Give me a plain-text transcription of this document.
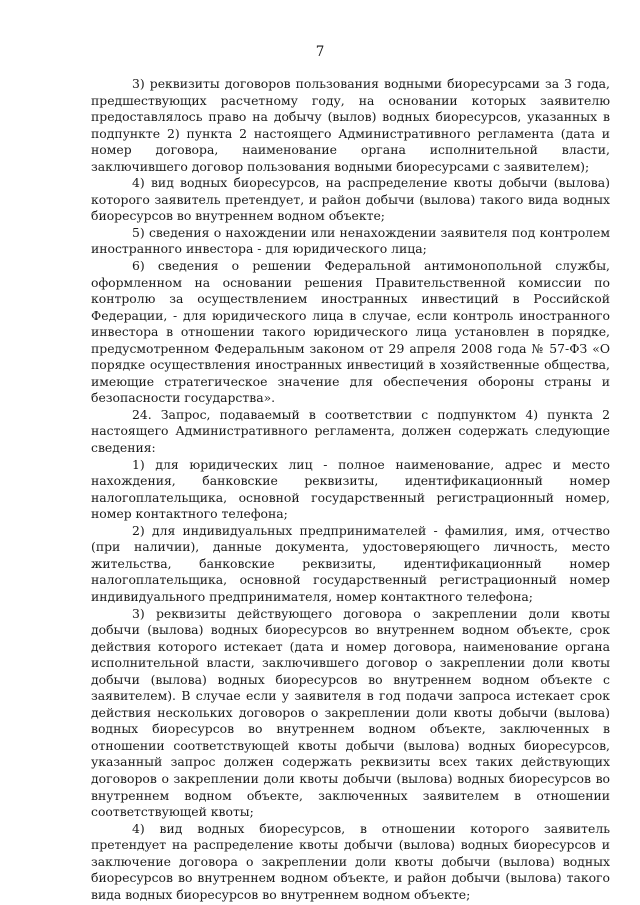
7

3) реквизиты договоров пользования водными биоресурсами за 3 года, предшествующих расчетному году, на основании которых заявителю предоставлялось право на добычу (вылов) водных биоресурсов, указанных в подпункте 2) пункта 2 настоящего Административного регламента (дата и номер договора, наименование органа исполнительной власти, заключившего договор пользования водными биоресурсами с заявителем);

4) вид водных биоресурсов, на распределение квоты добычи (вылова) которого заявитель претендует, и район добычи (вылова) такого вида водных биоресурсов во внутреннем водном объекте;

5) сведения о нахождении или ненахождении заявителя под контролем иностранного инвестора - для юридического лица;

6) сведения о решении Федеральной антимонопольной службы, оформленном на основании решения Правительственной комиссии по контролю за осуществлением иностранных инвестиций в Российской Федерации, - для юридического лица в случае, если контроль иностранного инвестора в отношении такого юридического лица установлен в порядке, предусмотренном Федеральным законом от 29 апреля 2008 года № 57-ФЗ «О порядке осуществления иностранных инвестиций в хозяйственные общества, имеющие стратегическое значение для обеспечения обороны страны и безопасности государства».

24. Запрос, подаваемый в соответствии с подпунктом 4) пункта 2 настоящего Административного регламента, должен содержать следующие сведения:

1) для юридических лиц - полное наименование, адрес и место нахождения, банковские реквизиты, идентификационный номер налогоплательщика, основной государственный регистрационный номер, номер контактного телефона;

2) для индивидуальных предпринимателей - фамилия, имя, отчество (при наличии), данные документа, удостоверяющего личность, место жительства, банковские реквизиты, идентификационный номер налогоплательщика, основной государственный регистрационный номер индивидуального предпринимателя, номер контактного телефона;

3) реквизиты действующего договора о закреплении доли квоты добычи (вылова) водных биоресурсов во внутреннем водном объекте, срок действия которого истекает (дата и номер договора, наименование органа исполнительной власти, заключившего договор о закреплении доли квоты добычи (вылова) водных биоресурсов во внутреннем водном объекте с заявителем). В случае если у заявителя в год подачи запроса истекает срок действия нескольких договоров о закреплении доли квоты добычи (вылова) водных биоресурсов во внутреннем водном объекте, заключенных в отношении соответствующей квоты добычи (вылова) водных биоресурсов, указанный запрос должен содержать реквизиты всех таких действующих договоров о закреплении доли квоты добычи (вылова) водных биоресурсов во внутреннем водном объекте, заключенных заявителем в отношении соответствующей квоты;

4) вид водных биоресурсов, в отношении которого заявитель претендует на распределение квоты добычи (вылова) водных биоресурсов и заключение договора о закреплении доли квоты добычи (вылова) водных биоресурсов во внутреннем водном объекте, и район добычи (вылова) такого вида водных биоресурсов во внутреннем водном объекте;
